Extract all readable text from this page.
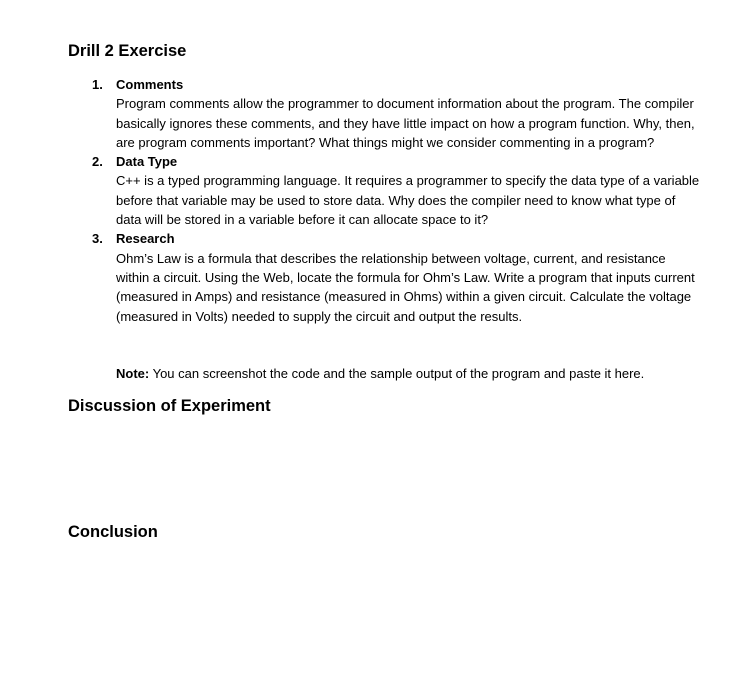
Drill 2 Exercise
1. Comments

Program comments allow the programmer to document information about the program. The compiler basically ignores these comments, and they have little impact on how a program function. Why, then, are program comments important? What things might we consider commenting in a program?

2. Data Type

C++ is a typed programming language. It requires a programmer to specify the data type of a variable before that variable may be used to store data. Why does the compiler need to know what type of data will be stored in a variable before it can allocate space to it?

3. Research

Ohm’s Law is a formula that describes the relationship between voltage, current, and resistance within a circuit. Using the Web, locate the formula for Ohm’s Law. Write a program that inputs current (measured in Amps) and resistance (measured in Ohms) within a given circuit. Calculate the voltage (measured in Volts) needed to supply the circuit and output the results.

Note: You can screenshot the code and the sample output of the program and paste it here.

Discussion of Experiment
Conclusion
